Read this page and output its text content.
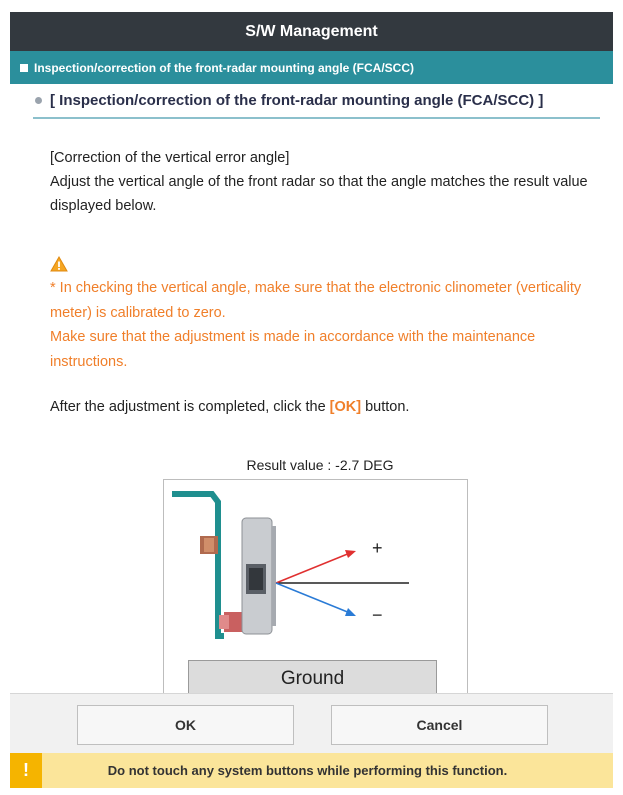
S/W Management
Inspection/correction of the front-radar mounting angle (FCA/SCC)
[ Inspection/correction of the front-radar mounting angle (FCA/SCC) ]
[Correction of the vertical error angle]
Adjust the vertical angle of the front radar so that the angle matches the result value displayed below.
* In checking the vertical angle, make sure that the electronic clinometer (verticality meter) is calibrated to zero.
Make sure that the adjustment is made in accordance with the maintenance instructions.
After the adjustment is completed, click the [OK] button.
Result value : -2.7 DEG
+
−
Ground
OK	Cancel
!	Do not touch any system buttons while performing this function.
